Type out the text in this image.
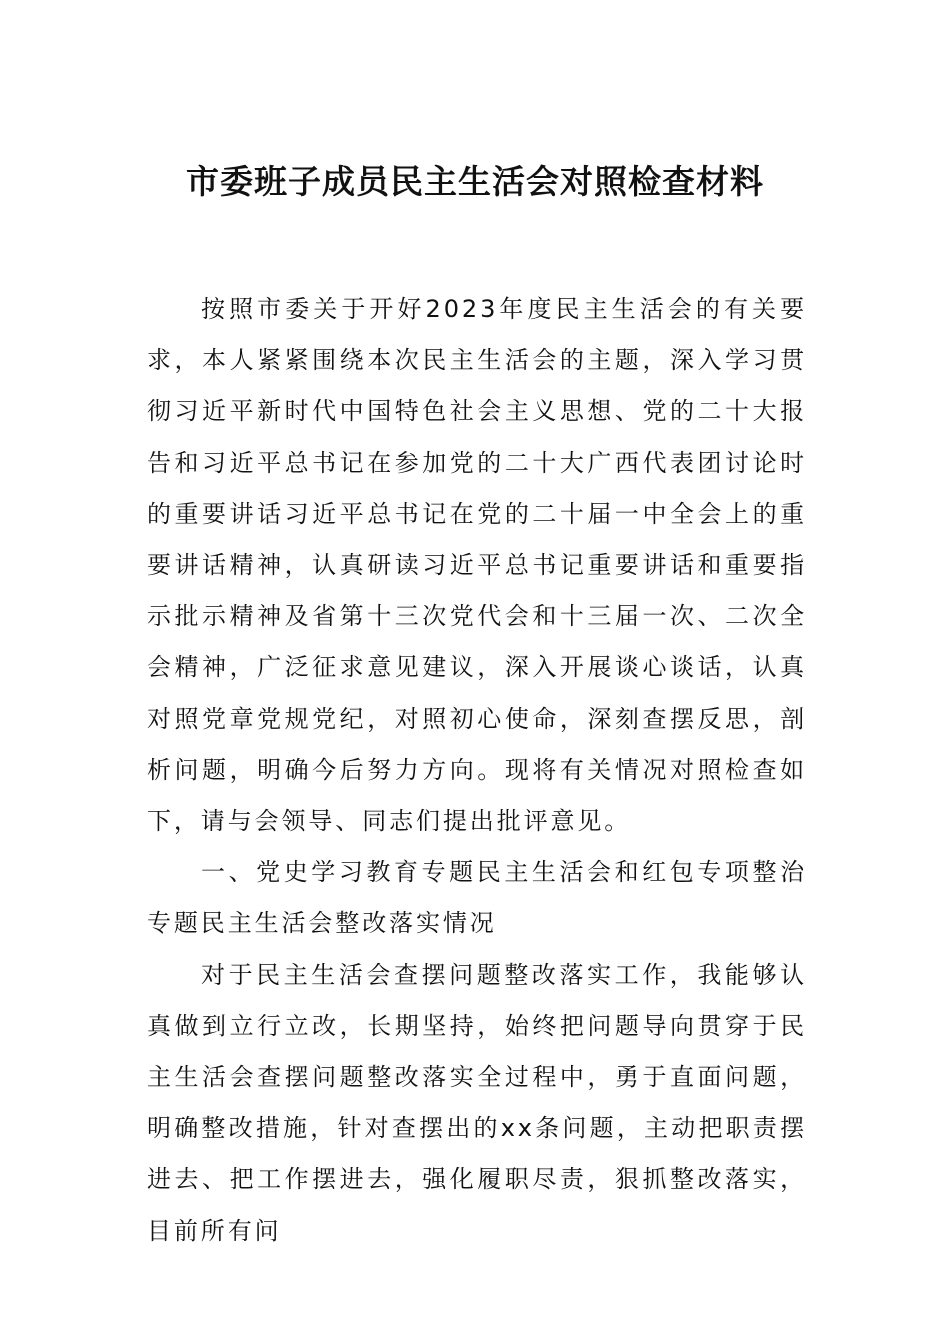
市委班子成员民主生活会对照检查材料

按照市委关于开好2023年度民主生活会的有关要求，本人紧紧围绕本次民主生活会的主题，深入学习贯彻习近平新时代中国特色社会主义思想、党的二十大报告和习近平总书记在参加党的二十大广西代表团讨论时的重要讲话习近平总书记在党的二十届一中全会上的重要讲话精神，认真研读习近平总书记重要讲话和重要指示批示精神及省第十三次党代会和十三届一次、二次全会精神，广泛征求意见建议，深入开展谈心谈话，认真对照党章党规党纪，对照初心使命，深刻查摆反思，剖析问题，明确今后努力方向。现将有关情况对照检查如下，请与会领导、同志们提出批评意见。

一、党史学习教育专题民主生活会和红包专项整治专题民主生活会整改落实情况

对于民主生活会查摆问题整改落实工作，我能够认真做到立行立改，长期坚持，始终把问题导向贯穿于民主生活会查摆问题整改落实全过程中，勇于直面问题，明确整改措施，针对查摆出的xx条问题，主动把职责摆进去、把工作摆进去，强化履职尽责，狠抓整改落实，目前所有问
